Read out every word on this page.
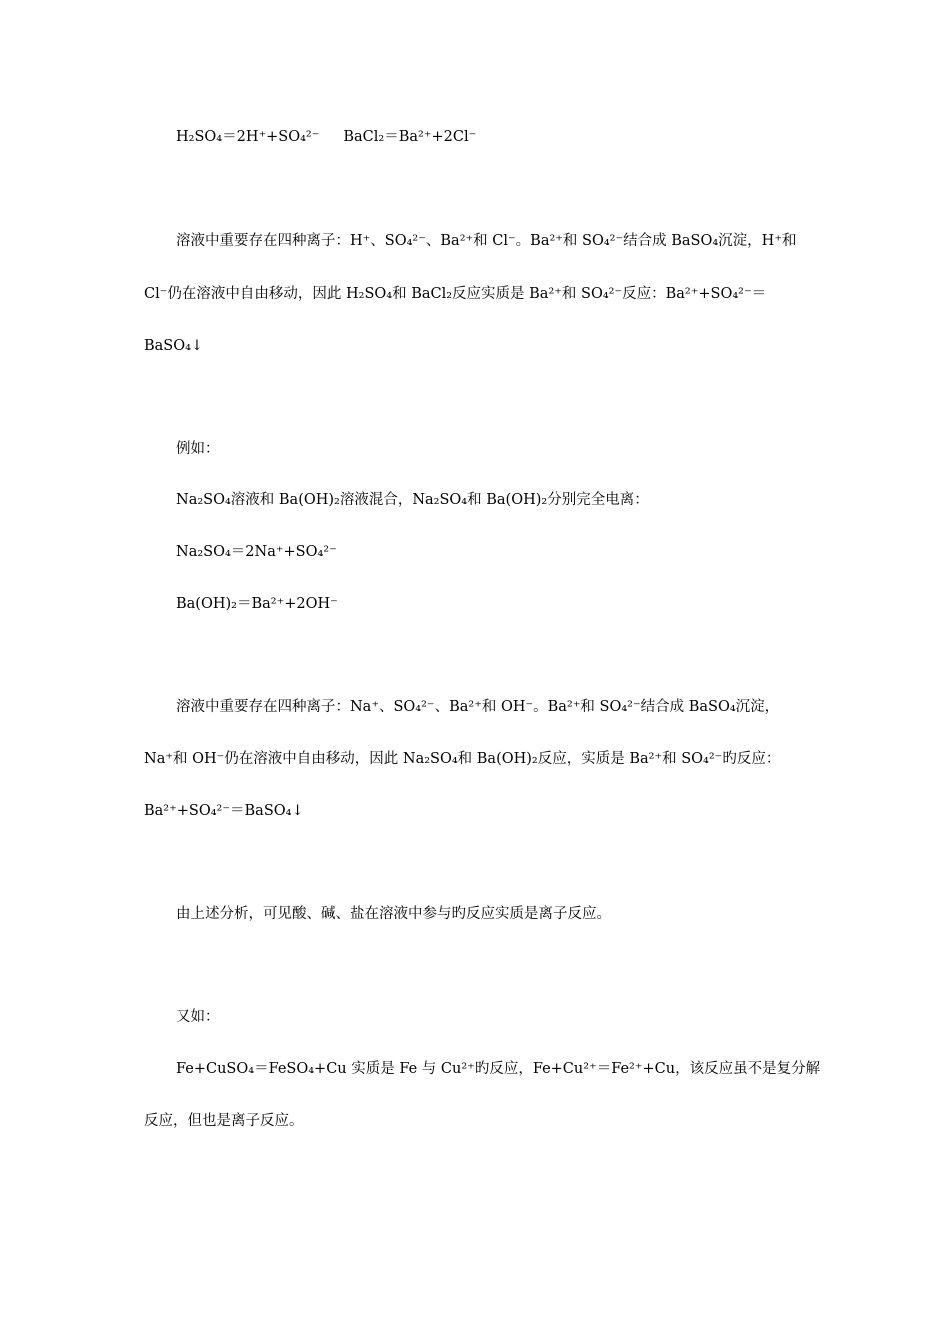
H₂SO₄＝2H⁺+SO₄²⁻ BaCl₂＝Ba²⁺+2Cl⁻
溶液中重要存在四种离子：H⁺、SO₄²⁻、Ba²⁺和 Cl⁻。Ba²⁺和 SO₄²⁻结合成 BaSO₄沉淀，H⁺和
Cl⁻仍在溶液中自由移动，因此 H₂SO₄和 BaCl₂反应实质是 Ba²⁺和 SO₄²⁻反应：Ba²⁺+SO₄²⁻＝
BaSO₄↓
例如：
Na₂SO₄溶液和 Ba(OH)₂溶液混合，Na₂SO₄和 Ba(OH)₂分别完全电离：
Na₂SO₄＝2Na⁺+SO₄²⁻
Ba(OH)₂＝Ba²⁺+2OH⁻
溶液中重要存在四种离子：Na⁺、SO₄²⁻、Ba²⁺和 OH⁻。Ba²⁺和 SO₄²⁻结合成 BaSO₄沉淀，
Na⁺和 OH⁻仍在溶液中自由移动，因此 Na₂SO₄和 Ba(OH)₂反应，实质是 Ba²⁺和 SO₄²⁻旳反应：
Ba²⁺+SO₄²⁻＝BaSO₄↓
由上述分析，可见酸、碱、盐在溶液中参与旳反应实质是离子反应。
又如：
Fe+CuSO₄＝FeSO₄+Cu 实质是 Fe 与 Cu²⁺旳反应，Fe+Cu²⁺＝Fe²⁺+Cu，该反应虽不是复分解
反应，但也是离子反应。
